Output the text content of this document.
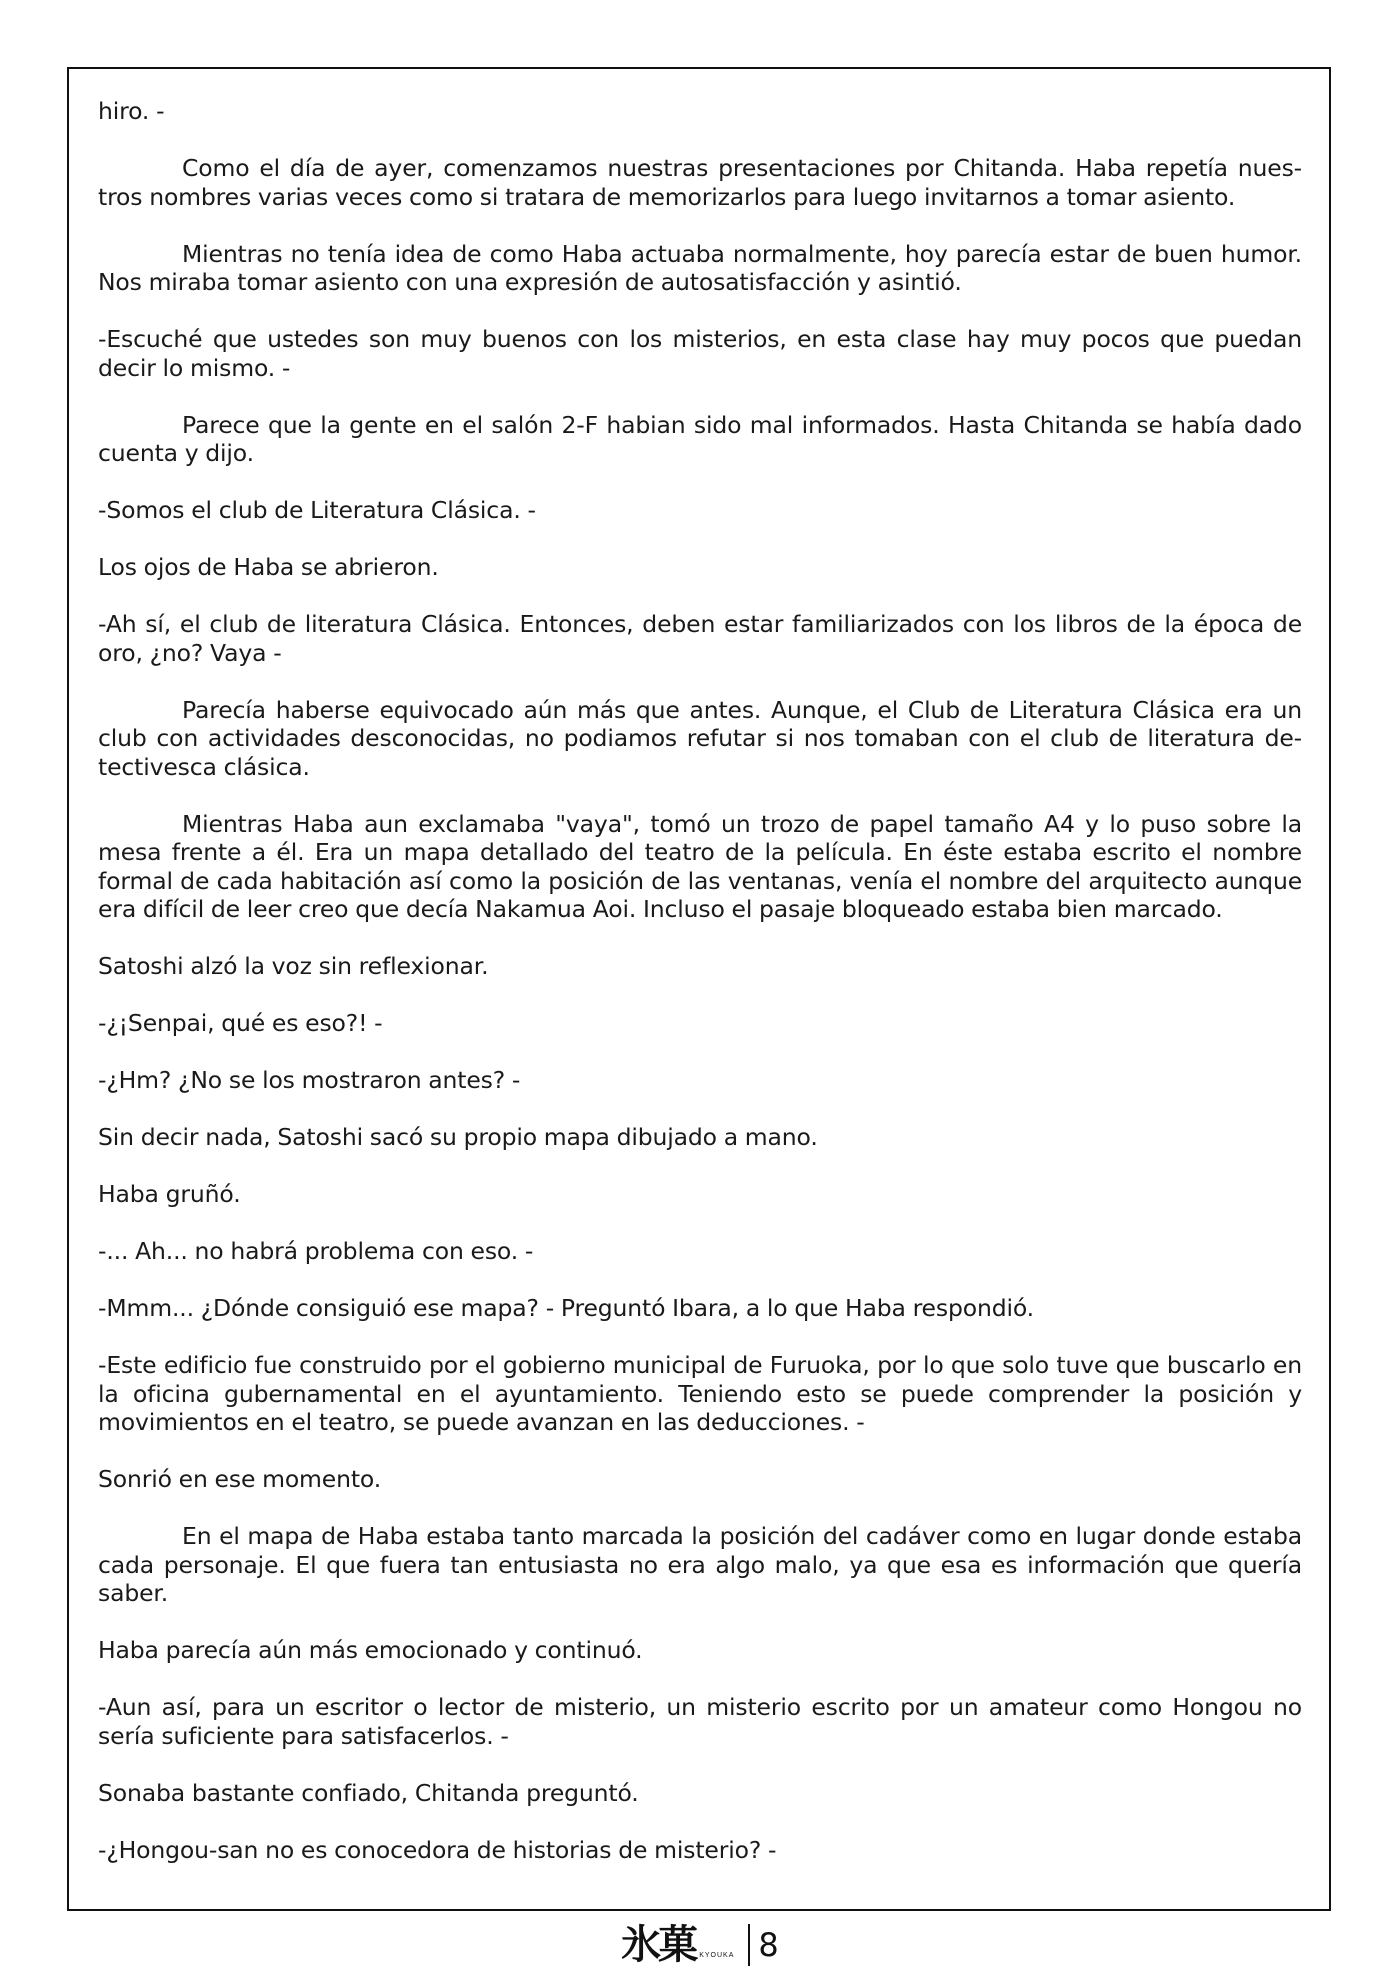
hiro. -

Como el día de ayer, comenzamos nuestras presentaciones por Chitanda. Haba repetía nues-tros nombres varias veces como si tratara de memorizarlos para luego invitarnos a tomar asiento.

Mientras no tenía idea de como Haba actuaba normalmente, hoy parecía estar de buen humor. Nos miraba tomar asiento con una expresión de autosatisfacción y asintió.

-Escuché que ustedes son muy buenos con los misterios, en esta clase hay muy pocos que puedan decir lo mismo. -

Parece que la gente en el salón 2-F habian sido mal informados. Hasta Chitanda se había dado cuenta y dijo.

-Somos el club de Literatura Clásica. -

Los ojos de Haba se abrieron.

-Ah sí, el club de literatura Clásica. Entonces, deben estar familiarizados con los libros de la época de oro, ¿no? Vaya -

Parecía haberse equivocado aún más que antes. Aunque, el Club de Literatura Clásica era un club con actividades desconocidas, no podiamos refutar si nos tomaban con el club de literatura de-tectivesca clásica.

Mientras Haba aun exclamaba "vaya", tomó un trozo de papel tamaño A4 y lo puso sobre la mesa frente a él. Era un mapa detallado del teatro de la película. En éste estaba escrito el nombre formal de cada habitación así como la posición de las ventanas, venía el nombre del arquitecto aunque era difícil de leer creo que decía Nakamua Aoi. Incluso el pasaje bloqueado estaba bien marcado.

Satoshi alzó la voz sin reflexionar.

-¿¡Senpai, qué es eso?! -

-¿Hm? ¿No se los mostraron antes? -

Sin decir nada, Satoshi sacó su propio mapa dibujado a mano.

Haba gruñó.

-... Ah... no habrá problema con eso. -

-Mmm... ¿Dónde consiguió ese mapa? - Preguntó Ibara, a lo que Haba respondió.

-Este edificio fue construido por el gobierno municipal de Furuoka, por lo que solo tuve que buscarlo en la oficina gubernamental en el ayuntamiento. Teniendo esto se puede comprender la posición y movimientos en el teatro, se puede avanzan en las deducciones. -

Sonrió en ese momento.

En el mapa de Haba estaba tanto marcada la posición del cadáver como en lugar donde estaba cada personaje. El que fuera tan entusiasta no era algo malo, ya que esa es información que quería saber.

Haba parecía aún más emocionado y continuó.

-Aun así, para un escritor o lector de misterio, un misterio escrito por un amateur como Hongou no sería suficiente para satisfacerlos. -

Sonaba bastante confiado, Chitanda preguntó.

-¿Hongou-san no es conocedora de historias de misterio? -

氷菓 KYOUKA 8
